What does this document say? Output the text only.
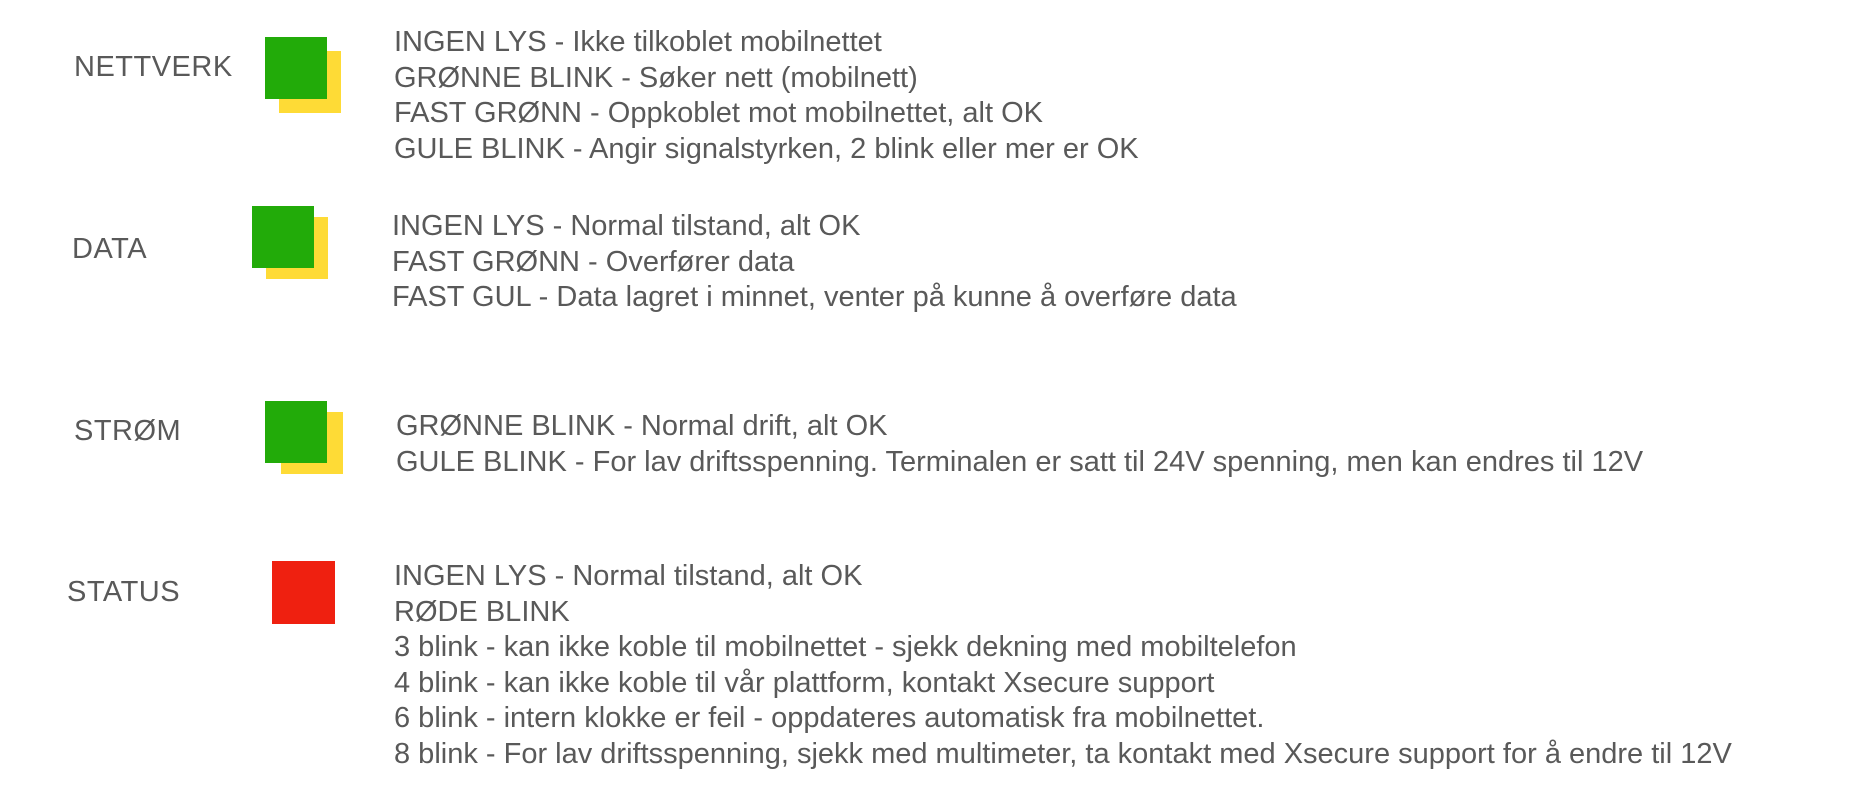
NETTVERK
INGEN LYS - Ikke tilkoblet mobilnettet
GRØNNE BLINK - Søker nett (mobilnett)
FAST GRØNN - Oppkoblet mot mobilnettet, alt OK
GULE BLINK - Angir signalstyrken, 2 blink eller mer er OK
DATA
INGEN LYS - Normal tilstand, alt OK
FAST GRØNN - Overfører data
FAST GUL - Data lagret i minnet, venter på kunne å overføre data
STRØM	GRØNNE BLINK - Normal drift, alt OK
GULE BLINK - For lav driftsspenning. Terminalen er satt til 24V spenning, men kan endres til 12V
STATUS	INGEN LYS - Normal tilstand, alt OK
RØDE BLINK
3 blink - kan ikke koble til mobilnettet - sjekk dekning med mobiltelefon
4 blink - kan ikke koble til vår plattform, kontakt Xsecure support
6 blink - intern klokke er feil - oppdateres automatisk fra mobilnettet.
8 blink - For lav driftsspenning, sjekk med multimeter, ta kontakt med Xsecure support for å endre til 12V
